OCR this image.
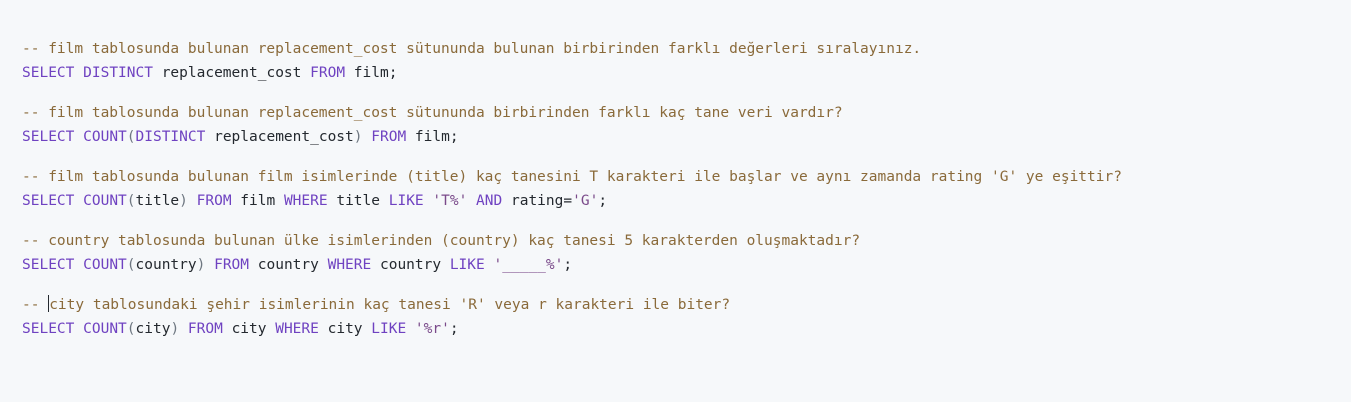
-- film tablosunda bulunan replacement_cost sütununda bulunan birbirinden farklı değerleri sıralayınız.
SELECT DISTINCT replacement_cost FROM film;
-- film tablosunda bulunan replacement_cost sütununda birbirinden farklı kaç tane veri vardır?
SELECT COUNT(DISTINCT replacement_cost) FROM film;
-- film tablosunda bulunan film isimlerinde (title) kaç tanesini T karakteri ile başlar ve aynı zamanda rating 'G' ye eşittir?
SELECT COUNT(title) FROM film WHERE title LIKE 'T%' AND rating='G';
-- country tablosunda bulunan ülke isimlerinden (country) kaç tanesi 5 karakterden oluşmaktadır?
SELECT COUNT(country) FROM country WHERE country LIKE '_____%';
-- city tablosundaki şehir isimlerinin kaç tanesi 'R' veya r karakteri ile biter?
SELECT COUNT(city) FROM city WHERE city LIKE '%r';
